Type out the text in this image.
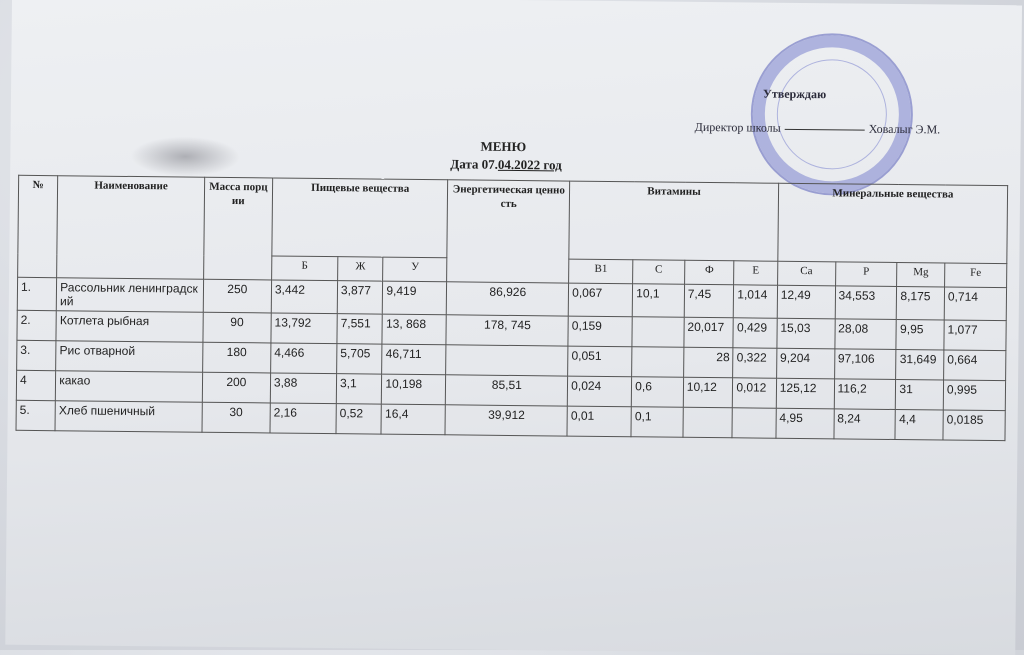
Утверждаю
Директор школы	Ховалыг Э.М.
МЕНЮ
Дата 07.04.2022 год
№	Наименование	Масса порции	Пищевые вещества			Энергетическая ценность	Витамины				Минеральные вещества			
			Б	Ж	У		В1	С	Ф	Е	Са	Р	Mg	Fe
1.	Рассольник ленинградский	250	3,442	3,877	9,419	86,926	0,067	10,1	7,45	1,014	12,49	34,553	8,175	0,714
2.	Котлета рыбная	90	13,792	7,551	13, 868	178, 745	0,159		20,017	0,429	15,03	28,08	9,95	1,077
3.	Рис отварной	180	4,466	5,705	46,711		0,051		28	0,322	9,204	97,106	31,649	0,664
4	какао	200	3,88	3,1	10,198	85,51	0,024	0,6	10,12	0,012	125,12	116,2	31	0,995
5.	Хлеб пшеничный	30	2,16	0,52	16,4	39,912	0,01	0,1			4,95	8,24	4,4	0,0185
